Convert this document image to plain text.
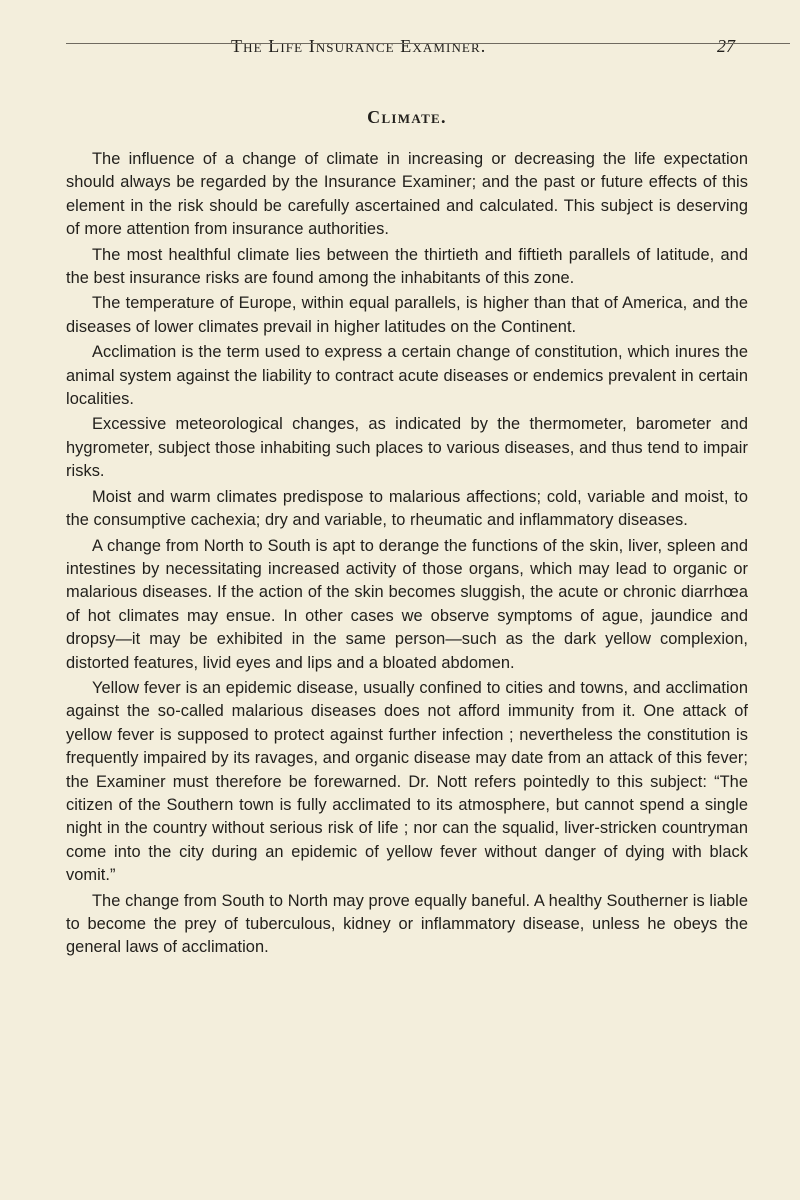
The Life Insurance Examiner.	27
Climate.

The influence of a change of climate in increasing or decreasing the life expectation should always be regarded by the Insurance Examiner; and the past or future effects of this element in the risk should be carefully ascertained and calculated. This subject is deserving of more attention from insurance authorities.

The most healthful climate lies between the thirtieth and fiftieth parallels of latitude, and the best insurance risks are found among the inhabitants of this zone.

The temperature of Europe, within equal parallels, is higher than that of America, and the diseases of lower climates prevail in higher latitudes on the Continent.

Acclimation is the term used to express a certain change of constitution, which inures the animal system against the liability to contract acute diseases or endemics prevalent in certain localities.

Excessive meteorological changes, as indicated by the thermometer, barometer and hygrometer, subject those inhabiting such places to various diseases, and thus tend to impair risks.

Moist and warm climates predispose to malarious affections; cold, variable and moist, to the consumptive cachexia; dry and variable, to rheumatic and inflammatory diseases.

A change from North to South is apt to derange the functions of the skin, liver, spleen and intestines by necessitating increased activity of those organs, which may lead to organic or malarious diseases. If the action of the skin becomes sluggish, the acute or chronic diarrhœa of hot climates may ensue. In other cases we observe symptoms of ague, jaundice and dropsy—it may be exhibited in the same person—such as the dark yellow complexion, distorted features, livid eyes and lips and a bloated abdomen.

Yellow fever is an epidemic disease, usually confined to cities and towns, and acclimation against the so-called malarious diseases does not afford immunity from it. One attack of yellow fever is supposed to protect against further infection ; nevertheless the constitution is frequently impaired by its ravages, and organic disease may date from an attack of this fever; the Examiner must therefore be forewarned. Dr. Nott refers pointedly to this subject: “The citizen of the Southern town is fully acclimated to its atmosphere, but cannot spend a single night in the country without serious risk of life ; nor can the squalid, liver-stricken countryman come into the city during an epidemic of yellow fever without danger of dying with black vomit.”

The change from South to North may prove equally baneful. A healthy Southerner is liable to become the prey of tuberculous, kidney or inflammatory disease, unless he obeys the general laws of acclimation.
